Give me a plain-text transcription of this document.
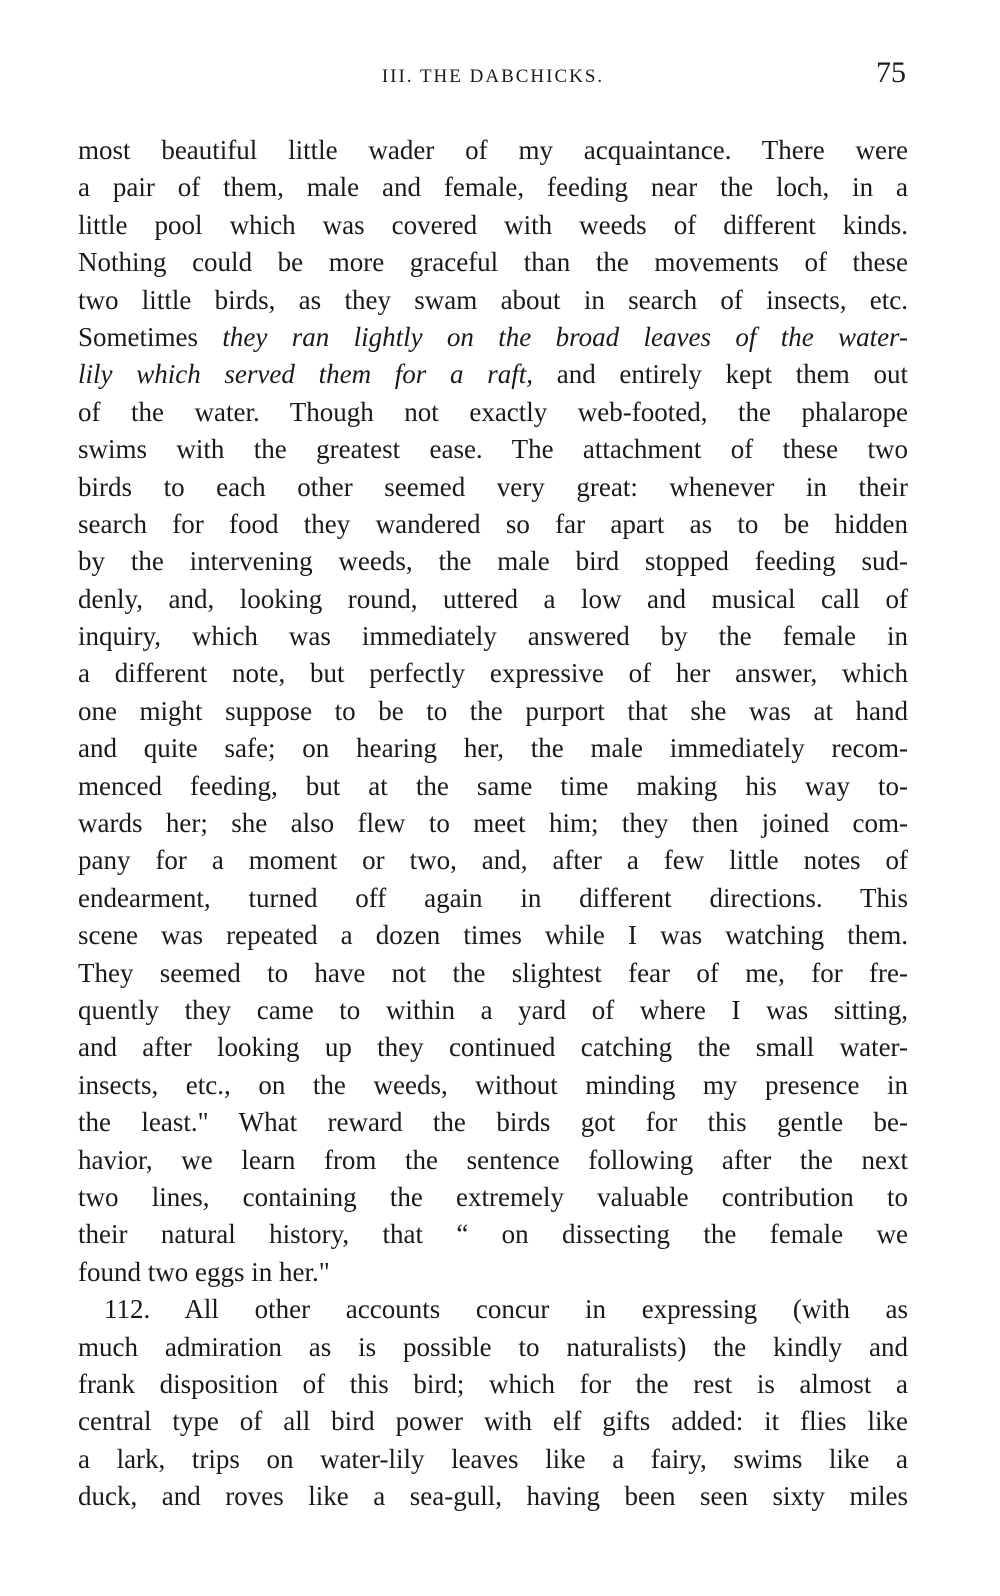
III. THE DABCHICKS.	75
most beautiful little wader of my acquaintance. There were
a pair of them, male and female, feeding near the loch, in a
little pool which was covered with weeds of different kinds.
Nothing could be more graceful than the movements of these
two little birds, as they swam about in search of insects, etc.
Sometimes they ran lightly on the broad leaves of the water-
lily which served them for a raft, and entirely kept them out
of the water. Though not exactly web-footed, the phalarope
swims with the greatest ease. The attachment of these two
birds to each other seemed very great: whenever in their
search for food they wandered so far apart as to be hidden
by the intervening weeds, the male bird stopped feeding sud-
denly, and, looking round, uttered a low and musical call of
inquiry, which was immediately answered by the female in
a different note, but perfectly expressive of her answer, which
one might suppose to be to the purport that she was at hand
and quite safe; on hearing her, the male immediately recom-
menced feeding, but at the same time making his way to-
wards her; she also flew to meet him; they then joined com-
pany for a moment or two, and, after a few little notes of
endearment, turned off again in different directions. This
scene was repeated a dozen times while I was watching them.
They seemed to have not the slightest fear of me, for fre-
quently they came to within a yard of where I was sitting,
and after looking up they continued catching the small water-
insects, etc., on the weeds, without minding my presence in
the least." What reward the birds got for this gentle be-
havior, we learn from the sentence following after the next
two lines, containing the extremely valuable contribution to
their natural history, that “ on dissecting the female we
found two eggs in her."
112. All other accounts concur in expressing (with as
much admiration as is possible to naturalists) the kindly and
frank disposition of this bird; which for the rest is almost a
central type of all bird power with elf gifts added: it flies like
a lark, trips on water-lily leaves like a fairy, swims like a
duck, and roves like a sea-gull, having been seen sixty miles
